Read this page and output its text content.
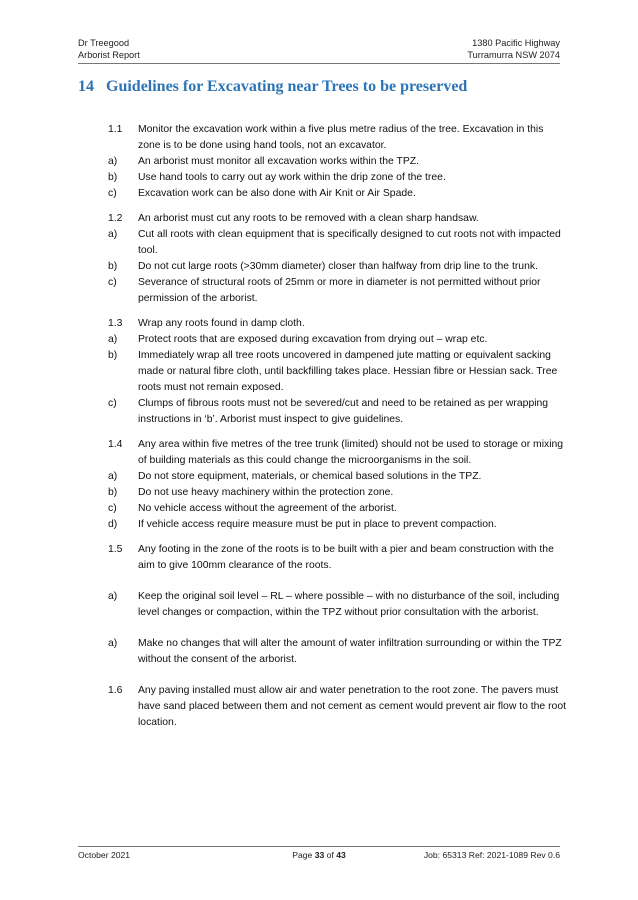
Dr Treegood
Arborist Report
1380 Pacific Highway
Turramurra NSW 2074
14 Guidelines for Excavating near Trees to be preserved
1.1	Monitor the excavation work within a five plus metre radius of the tree. Excavation in this zone is to be done using hand tools, not an excavator.
a)	An arborist must monitor all excavation works within the TPZ.
b)	Use hand tools to carry out ay work within the drip zone of the tree.
c)	Excavation work can be also done with Air Knit or Air Spade.
1.2	An arborist must cut any roots to be removed with a clean sharp handsaw.
a)	Cut all roots with clean equipment that is specifically designed to cut roots not with impacted tool.
b)	Do not cut large roots (>30mm diameter) closer than halfway from drip line to the trunk.
c)	Severance of structural roots of 25mm or more in diameter is not permitted without prior permission of the arborist.
1.3	Wrap any roots found in damp cloth.
a)	Protect roots that are exposed during excavation from drying out – wrap etc.
b)	Immediately wrap all tree roots uncovered in dampened jute matting or equivalent sacking made or natural fibre cloth, until backfilling takes place. Hessian fibre or Hessian sack. Tree roots must not remain exposed.
c)	Clumps of fibrous roots must not be severed/cut and need to be retained as per wrapping instructions in ‘b’. Arborist must inspect to give guidelines.
1.4	Any area within five metres of the tree trunk (limited) should not be used to storage or mixing of building materials as this could change the microorganisms in the soil.
a)	Do not store equipment, materials, or chemical based solutions in the TPZ.
b)	Do not use heavy machinery within the protection zone.
c)	No vehicle access without the agreement of the arborist.
d)	If vehicle access require measure must be put in place to prevent compaction.
1.5	Any footing in the zone of the roots is to be built with a pier and beam construction with the aim to give 100mm clearance of the roots.
a)	Keep the original soil level – RL – where possible – with no disturbance of the soil, including level changes or compaction, within the TPZ without prior consultation with the arborist.
a)	Make no changes that will alter the amount of water infiltration surrounding or within the TPZ without the consent of the arborist.
1.6	Any paving installed must allow air and water penetration to the root zone. The pavers must have sand placed between them and not cement as cement would prevent air flow to the root location.
October 2021	Page 33 of 43	Job: 65313 Ref: 2021-1089 Rev 0.6
